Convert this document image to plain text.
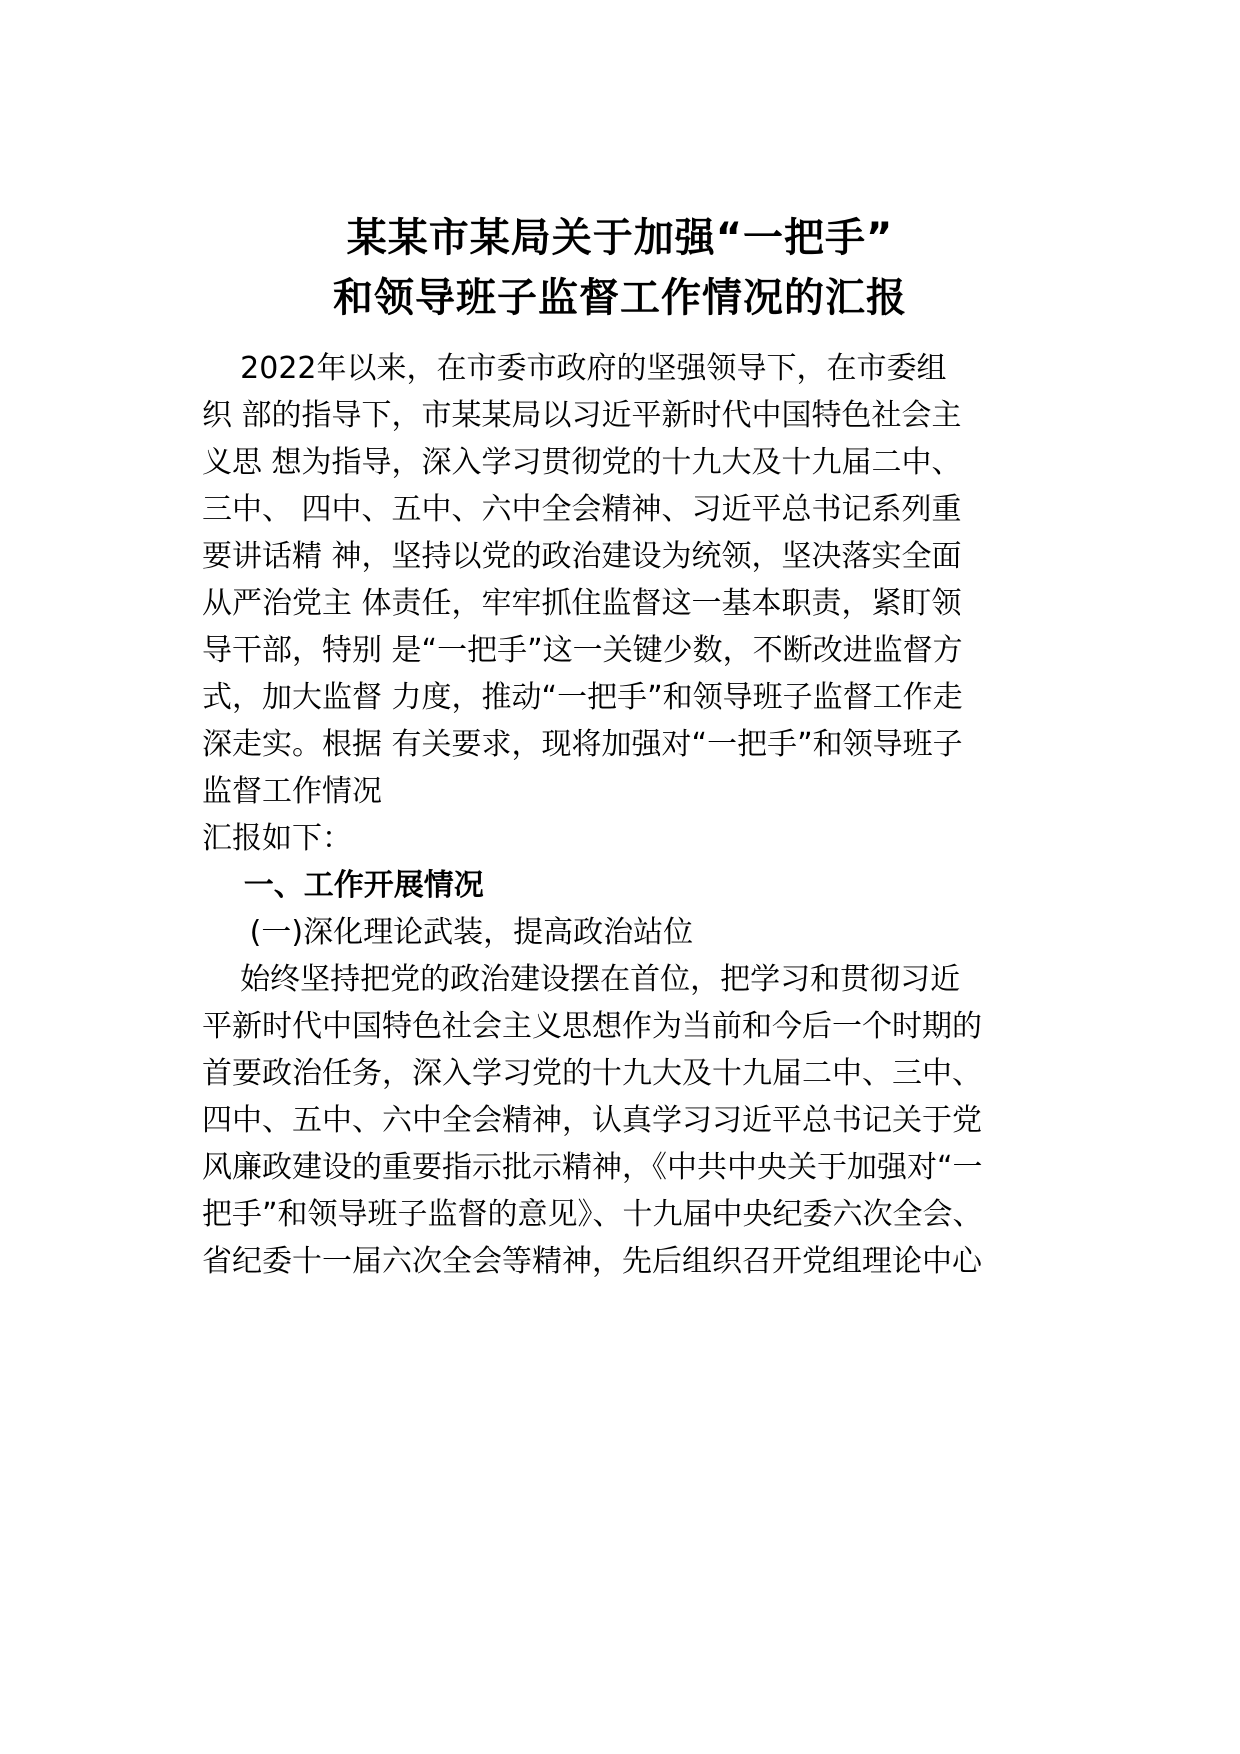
某某市某局关于加强“一把手”
和领导班子监督工作情况的汇报
2022年以来，在市委市政府的坚强领导下，在市委组
织 部的指导下，市某某局以习近平新时代中国特色社会主
义思 想为指导，深入学习贯彻党的十九大及十九届二中、
三中、 四中、五中、六中全会精神、习近平总书记系列重
要讲话精 神，坚持以党的政治建设为统领，坚决落实全面
从严治党主 体责任，牢牢抓住监督这一基本职责，紧盯领
导干部，特别 是“一把手”这一关键少数，不断改进监督方
式，加大监督 力度，推动“一把手”和领导班子监督工作走
深走实。根据 有关要求，现将加强对“一把手”和领导班子
监督工作情况
汇报如下：
一、工作开展情况
(一)深化理论武装，提高政治站位
始终坚持把党的政治建设摆在首位，把学习和贯彻习近
平新时代中国特色社会主义思想作为当前和今后一个时期的
首要政治任务，深入学习党的十九大及十九届二中、三中、
四中、五中、六中全会精神，认真学习习近平总书记关于党
风廉政建设的重要指示批示精神，《中共中央关于加强对“一
把手”和领导班子监督的意见》、十九届中央纪委六次全会、
省纪委十一届六次全会等精神，先后组织召开党组理论中心
